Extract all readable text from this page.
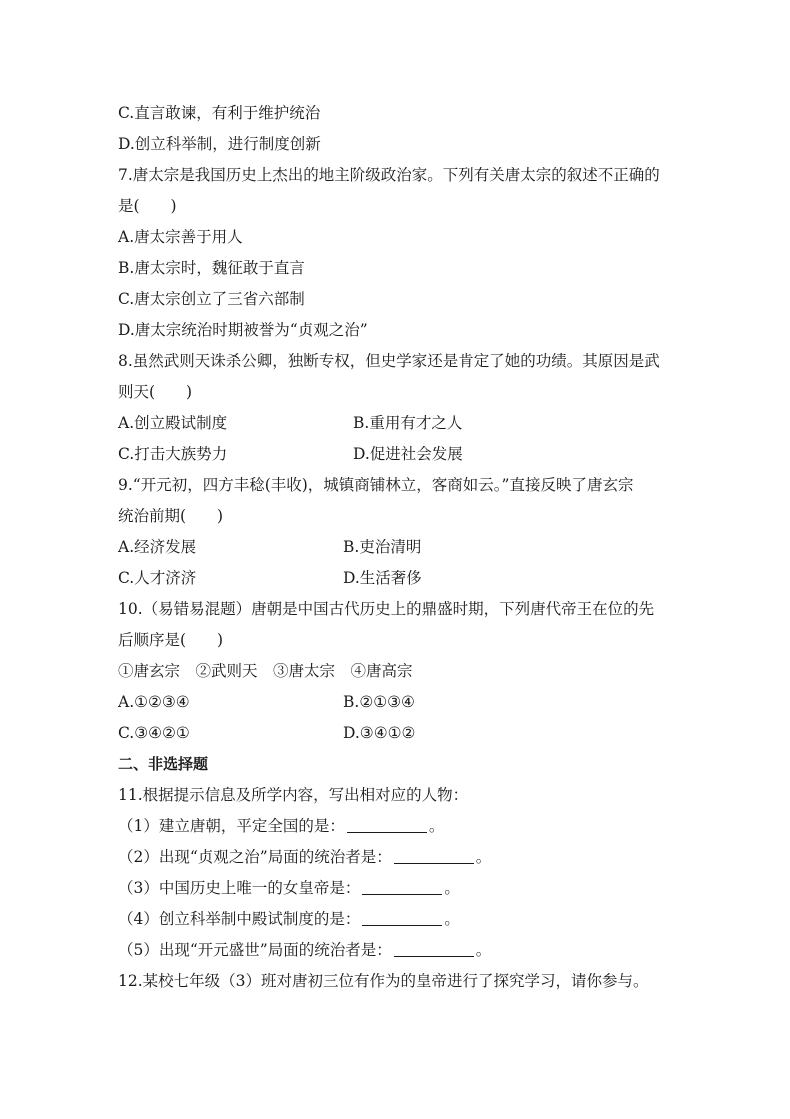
C.直言敢谏，有利于维护统治
D.创立科举制，进行制度创新
7.唐太宗是我国历史上杰出的地主阶级政治家。下列有关唐太宗的叙述不正确的
是(　　)
A.唐太宗善于用人
B.唐太宗时，魏征敢于直言
C.唐太宗创立了三省六部制
D.唐太宗统治时期被誉为“贞观之治”
8.虽然武则天诛杀公卿，独断专权，但史学家还是肯定了她的功绩。其原因是武
则天(　　)
A.创立殿试制度	B.重用有才之人
C.打击大族势力	D.促进社会发展
9.“开元初，四方丰稔(丰收)，城镇商铺林立，客商如云。”直接反映了唐玄宗
统治前期(　　)
A.经济发展	B.吏治清明
C.人才济济	D.生活奢侈
10.（易错易混题）唐朝是中国古代历史上的鼎盛时期，下列唐代帝王在位的先
后顺序是(　　)
①唐玄宗　②武则天　③唐太宗　④唐高宗
A.①②③④	B.②①③④
C.③④②①	D.③④①②
二、非选择题
11.根据提示信息及所学内容，写出相对应的人物：
（1）建立唐朝，平定全国的是：	。
（2）出现“贞观之治”局面的统治者是：	。
（3）中国历史上唯一的女皇帝是：	。
（4）创立科举制中殿试制度的是：	。
（5）出现“开元盛世”局面的统治者是：	。
12.某校七年级（3）班对唐初三位有作为的皇帝进行了探究学习，请你参与。
